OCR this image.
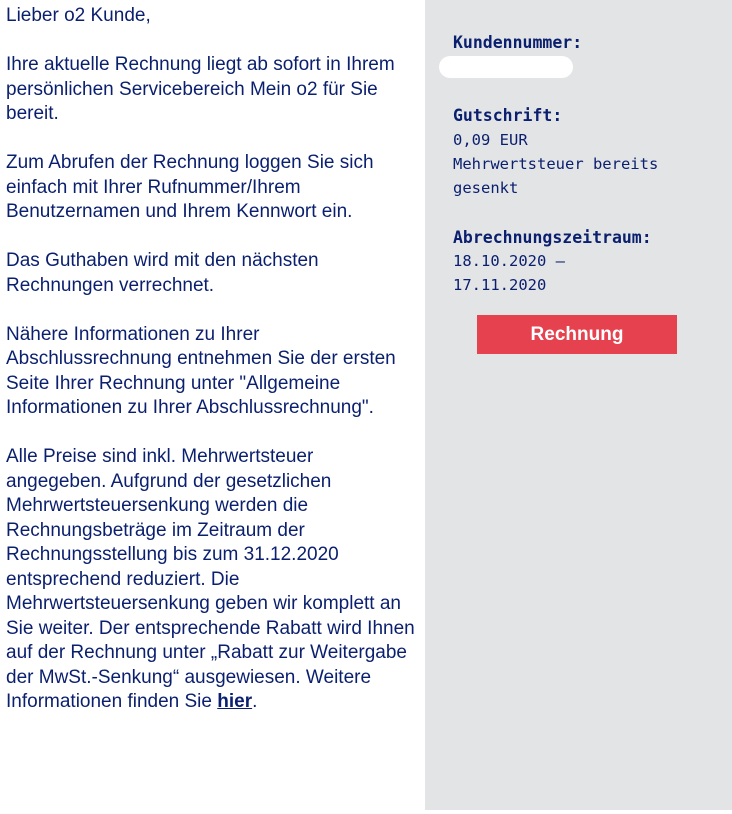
Lieber o2 Kunde,

Ihre aktuelle Rechnung liegt ab sofort in Ihrem persönlichen Servicebereich Mein o2 für Sie bereit.

Zum Abrufen der Rechnung loggen Sie sich einfach mit Ihrer Rufnummer/Ihrem Benutzernamen und Ihrem Kennwort ein.

Das Guthaben wird mit den nächsten Rechnungen verrechnet.

Nähere Informationen zu Ihrer Abschlussrechnung entnehmen Sie der ersten Seite Ihrer Rechnung unter "Allgemeine Informationen zu Ihrer Abschlussrechnung".

Alle Preise sind inkl. Mehrwertsteuer angegeben. Aufgrund der gesetzlichen Mehrwertsteuersenkung werden die Rechnungsbeträge im Zeitraum der Rechnungsstellung bis zum 31.12.2020 entsprechend reduziert. Die Mehrwertsteuersenkung geben wir komplett an Sie weiter. Der entsprechende Rabatt wird Ihnen auf der Rechnung unter „Rabatt zur Weitergabe der MwSt.-Senkung“ ausgewiesen. Weitere Informationen finden Sie hier.

Kundennummer:
Gutschrift:
0,09 EUR
Mehrwertsteuer bereits
gesenkt
Abrechnungszeitraum:
18.10.2020 –
17.11.2020
Rechnung
